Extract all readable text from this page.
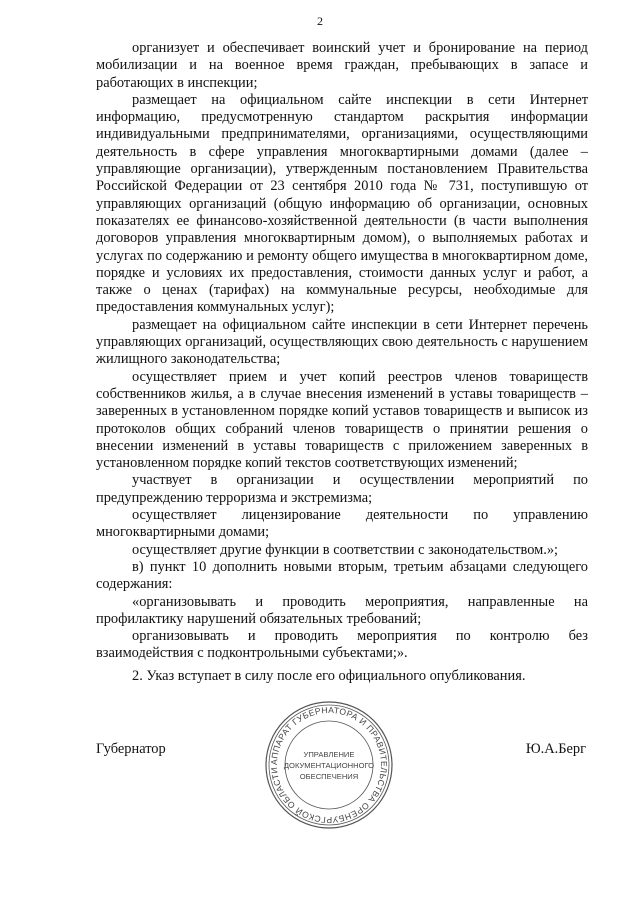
2

организует и обеспечивает воинский учет и бронирование на период мобилизации и на военное время граждан, пребывающих в запасе и работающих в инспекции;

размещает на официальном сайте инспекции в сети Интернет информацию, предусмотренную стандартом раскрытия информации индивидуальными предпринимателями, организациями, осуществляющими деятельность в сфере управления многоквартирными домами (далее – управляющие организации), утвержденным постановлением Правительства Российской Федерации от 23 сентября 2010 года № 731, поступившую от управляющих организаций (общую информацию об организации, основных показателях ее финансово-хозяйственной деятельности (в части выполнения договоров управления многоквартирным домом), о выполняемых работах и услугах по содержанию и ремонту общего имущества в многоквартирном доме, порядке и условиях их предоставления, стоимости данных услуг и работ, а также о ценах (тарифах) на коммунальные ресурсы, необходимые для предоставления коммунальных услуг);

размещает на официальном сайте инспекции в сети Интернет перечень управляющих организаций, осуществляющих свою деятельность с нарушением жилищного законодательства;

осуществляет прием и учет копий реестров членов товариществ собственников жилья, а в случае внесения изменений в уставы товариществ – заверенных в установленном порядке копий уставов товариществ и выписок из протоколов общих собраний членов товариществ о принятии решения о внесении изменений в уставы товариществ с приложением заверенных в установленном порядке копий текстов соответствующих изменений;

участвует в организации и осуществлении мероприятий по предупреждению терроризма и экстремизма;

осуществляет лицензирование деятельности по управлению многоквартирными домами;

осуществляет другие функции в соответствии с законодательством.»;

в) пункт 10 дополнить новыми вторым, третьим абзацами следующего содержания:

«организовывать и проводить мероприятия, направленные на профилактику нарушений обязательных требований;

организовывать и проводить мероприятия по контролю без взаимодействия с подконтрольными субъектами;».

2. Указ вступает в силу после его официального опубликования.

Губернатор
АППАРАТ ГУБЕРНАТОРА И ПРАВИТЕЛЬСТВА ОРЕНБУРГСКОЙ ОБЛАСТИ
УПРАВЛЕНИЕ
ДОКУМЕНТАЦИОННОГО
ОБЕСПЕЧЕНИЯ
Ю.А.Берг
